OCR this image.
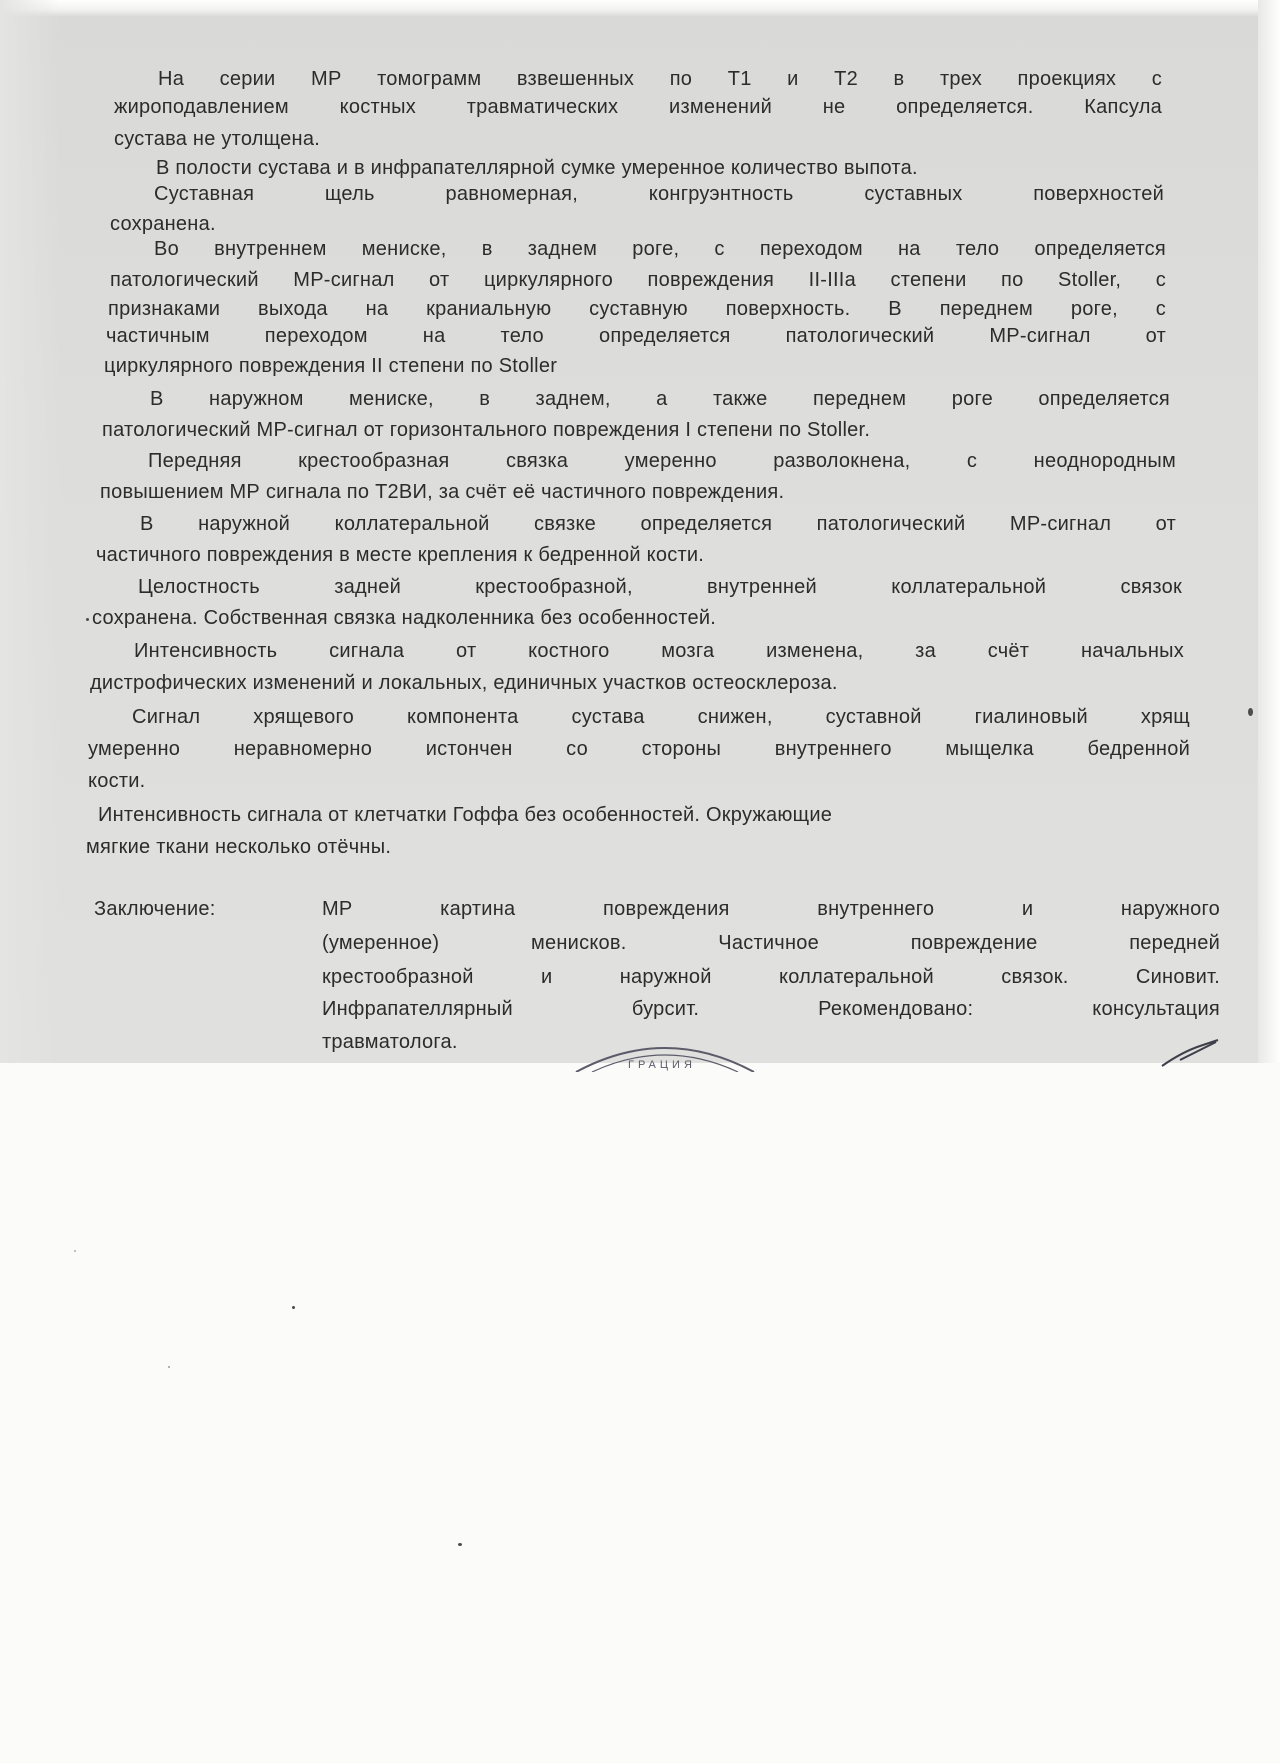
На серии МР томограмм взвешенных по Т1 и Т2 в трех проекциях с

жироподавлением костных травматических изменений не определяется. Капсула

сустава не утолщена.

В полости сустава и в инфрапателлярной сумке умеренное количество выпота.

Суставная щель равномерная, конгруэнтность суставных поверхностей

сохранена.

Во внутреннем мениске, в заднем роге, с переходом на тело определяется

патологический МР-сигнал от циркулярного повреждения II-IIIa степени по Stoller, с

признаками выхода на краниальную суставную поверхность. В переднем роге, с

частичным переходом на тело определяется патологический МР-сигнал от

циркулярного повреждения II степени по Stoller

В наружном мениске, в заднем, а также переднем роге определяется

патологический МР-сигнал от горизонтального повреждения I степени по Stoller.

Передняя крестообразная связка умеренно разволокнена, с неоднородным

повышением МР сигнала по Т2ВИ, за счёт её частичного повреждения.

В наружной коллатеральной связке определяется патологический МР-сигнал от

частичного повреждения в месте крепления к бедренной кости.

Целостность задней крестообразной, внутренней коллатеральной связок

сохранена. Собственная связка надколенника без особенностей.

Интенсивность сигнала от костного мозга изменена, за счёт начальных

дистрофических изменений и локальных, единичных участков остеосклероза.

Сигнал хрящевого компонента сустава снижен, суставной гиалиновый хрящ

умеренно неравномерно истончен со стороны внутреннего мыщелка бедренной

кости.

Интенсивность сигнала от клетчатки Гоффа без особенностей. Окружающие

мягкие ткани несколько отёчны.

Заключение:	МР картина повреждения внутреннего и наружного

(умеренное) менисков. Частичное повреждение передней

крестообразной и наружной коллатеральной связок. Синовит.

Инфрапателлярный бурсит. Рекомендовано: консультация

травматолога.

ГРАЦИЯ
